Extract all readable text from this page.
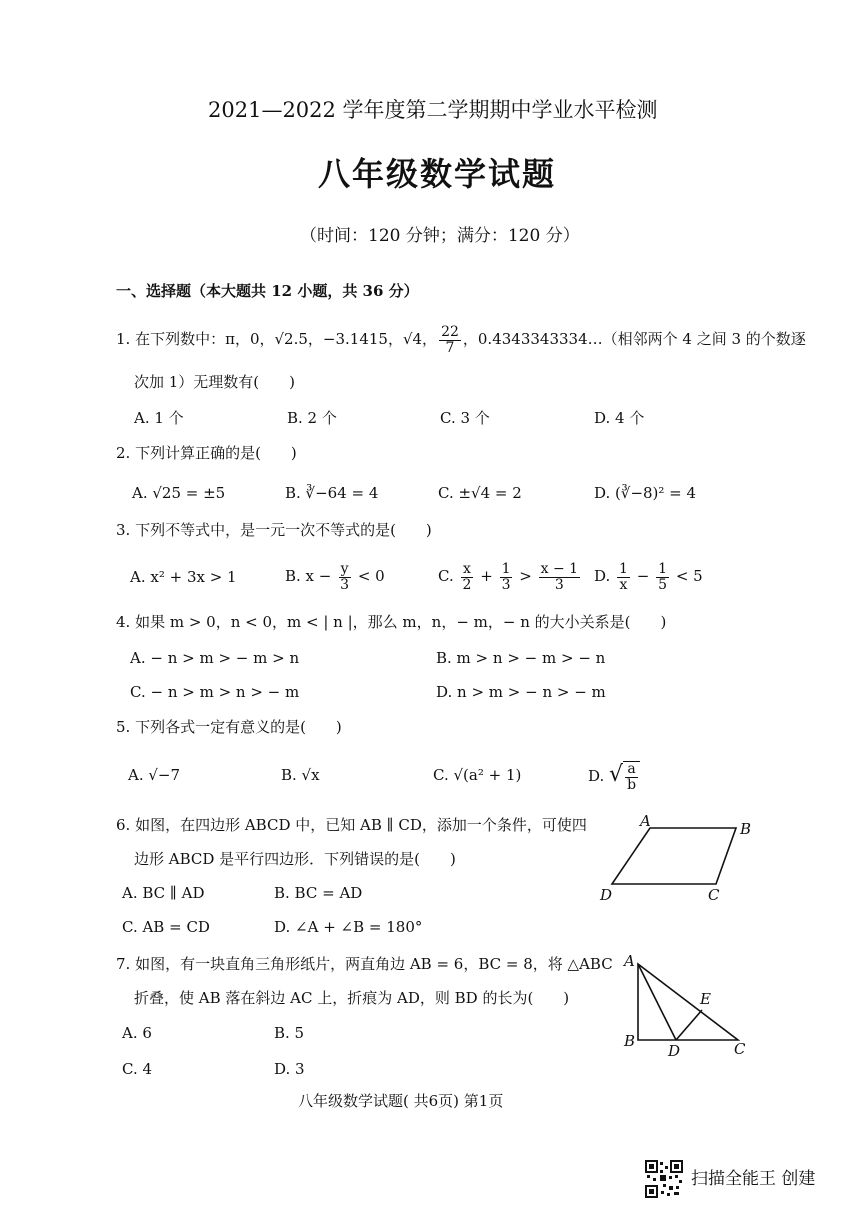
2021—2022 学年度第二学期期中学业水平检测
八年级数学试题
（时间：120 分钟；满分：120 分）
一、选择题（本大题共 12 小题，共 36 分）
1. 在下列数中：π，0，√2.5，−3.1415，√4， $\frac{22}{7}$ ，0.4343343334…（相邻两个 4 之间 3 的个数逐
次加 1）无理数有(　　)
A. 1 个	B. 2 个	C. 3 个	D. 4 个
2. 下列计算正确的是(　　)
A. √25 = ±5	B. ∛−64 = 4	C. ±√4 = 2	D. (∛−8)² = 4
3. 下列不等式中，是一元一次不等式的是(　　)
A. x² + 3x > 1	B. $x - \frac{y}{3} < 0$	C. $\frac{x}{2} + \frac{1}{3} > \frac{x - 1}{3} D$. $\frac{1}{x} - \frac{1}{5} < 5$
4. 如果 m > 0，n < 0，m < | n |，那么 m，n，− m，− n 的大小关系是(　　)
A. − n > m > − m > n	B. m > n > − m > − n
C. − n > m > n > − m	D. n > m > − n > − m
5. 下列各式一定有意义的是(　　)
A. √−7	B. √x	C. √(a² + 1)	D. √ $\frac{a}{b}$
6. 如图，在四边形 ABCD 中，已知 AB ∥ CD，添加一个条件，可使四
边形 ABCD 是平行四边形．下列错误的是(　　)
A. BC ∥ AD	B. BC = AD
C. AB = CD	D. ∠A + ∠B = 180°
A	B
C
D
7. 如图，有一块直角三角形纸片，两直角边 AB = 6，BC = 8，将 △ABC
折叠，使 AB 落在斜边 AC 上，折痕为 AD，则 BD 的长为(　　)
A. 6	B. 5
C. 4	D. 3
A
B	C
D
E
八年级数学试题( 共6页) 第1页
扫描全能王 创建
